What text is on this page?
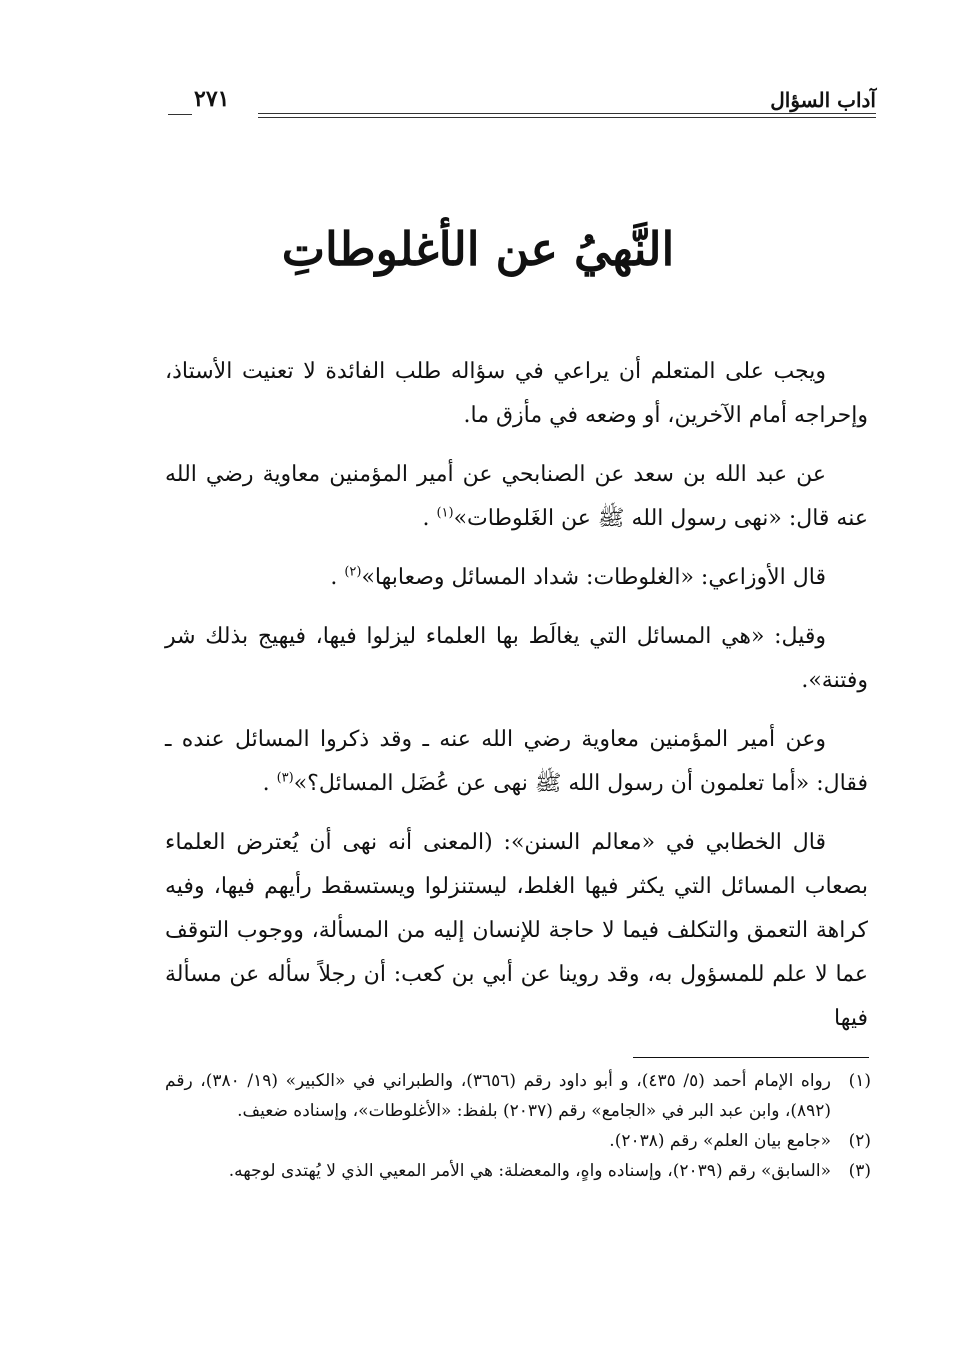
آداب السؤال
٢٧١
النَّهيُ عن الأغلوطاتِ

ويجب على المتعلم أن يراعي في سؤاله طلب الفائدة لا تعنيت الأستاذ، وإحراجه أمام الآخرين، أو وضعه في مأزق ما.

عن عبد الله بن سعد عن الصنابحي عن أمير المؤمنين معاوية رضي الله عنه قال: «نهى رسول الله ﷺ عن الغَلوطات»$^{(١)}$ .

قال الأوزاعي: «الغلوطات: شداد المسائل وصعابها»$^{(٢)}$ .

وقيل: «هي المسائل التي يغالَط بها العلماء ليزلوا فيها، فيهيج بذلك شر وفتنة».

وعن أمير المؤمنين معاوية رضي الله عنه ـ وقد ذكروا المسائل عنده ـ فقال: «أما تعلمون أن رسول الله ﷺ نهى عن عُضَل المسائل؟»$^{(٣)}$ .

قال الخطابي في «معالم السنن»: (المعنى أنه نهى أن يُعترض العلماء بصعاب المسائل التي يكثر فيها الغلط، ليستنزلوا ويستسقط رأيهم فيها، وفيه كراهة التعمق والتكلف فيما لا حاجة للإنسان إليه من المسألة، ووجوب التوقف عما لا علم للمسؤول به، وقد روينا عن أبي بن كعب: أن رجلاً سأله عن مسألة فيها

(١)
رواه الإمام أحمد (٥/ ٤٣٥)، و أبو داود رقم (٣٦٥٦)، والطبراني في «الكبير» (١٩/ ٣٨٠)، رقم (٨٩٢)، وابن عبد البر في «الجامع» رقم (٢٠٣٧) بلفظ: «الأغلوطات»، وإسناده ضعيف.

(٢)
«جامع بيان العلم» رقم (٢٠٣٨).

(٣)
«السابق» رقم (٢٠٣٩)، وإسناده واهٍ، والمعضلة: هي الأمر المعيي الذي لا يُهتدى لوجهه.
